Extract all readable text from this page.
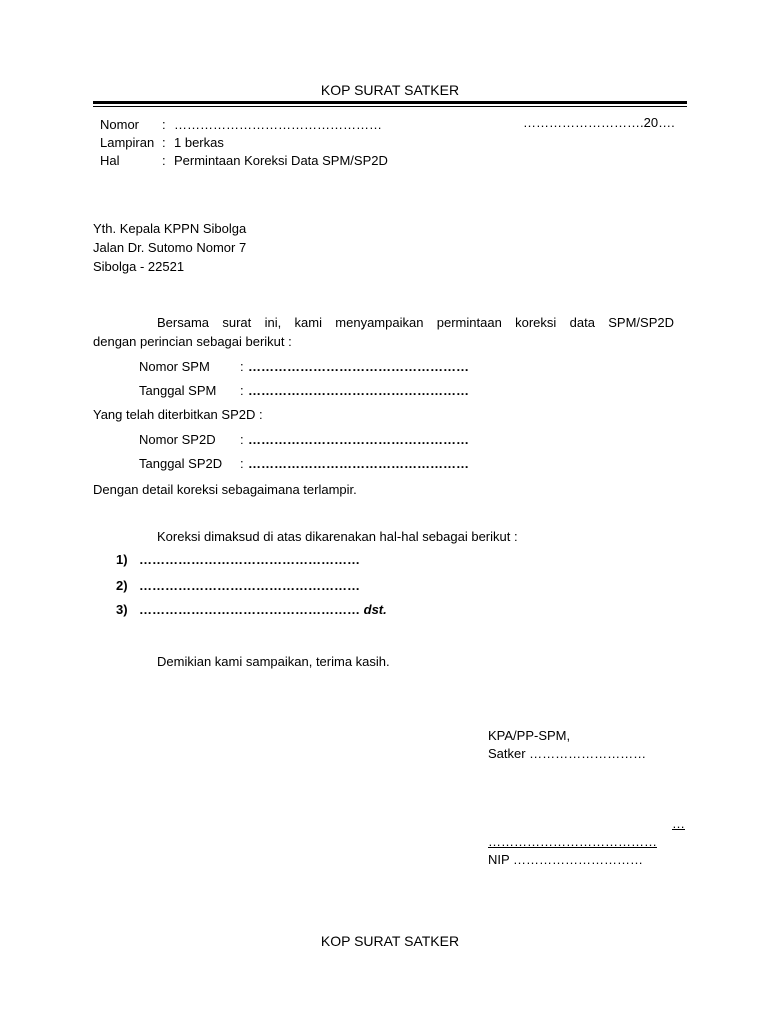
KOP SURAT SATKER
Nomor : …………………………………………	……………………….20….
Lampiran : 1 berkas
Hal	: Permintaan Koreksi Data SPM/SP2D
Yth. Kepala KPPN Sibolga
Jalan Dr. Sutomo Nomor 7
Sibolga - 22521
Bersama surat ini, kami menyampaikan permintaan koreksi data SPM/SP2D
dengan perincian sebagai berikut :
Nomor SPM : ……………………………………………
Tanggal SPM : ……………………………………………
Yang telah diterbitkan SP2D :
Nomor SP2D : ……………………………………………
Tanggal SP2D : ……………………………………………
Dengan detail koreksi sebagaimana terlampir.
Koreksi dimaksud di atas dikarenakan hal-hal sebagai berikut :
1) ……………………………………………
2) ……………………………………………
3) …………………………………………… dst.
Demikian kami sampaikan, terima kasih.
KPA/PP-SPM,
Satker ………………………
…
…………………………………
NIP …………………………
KOP SURAT SATKER
